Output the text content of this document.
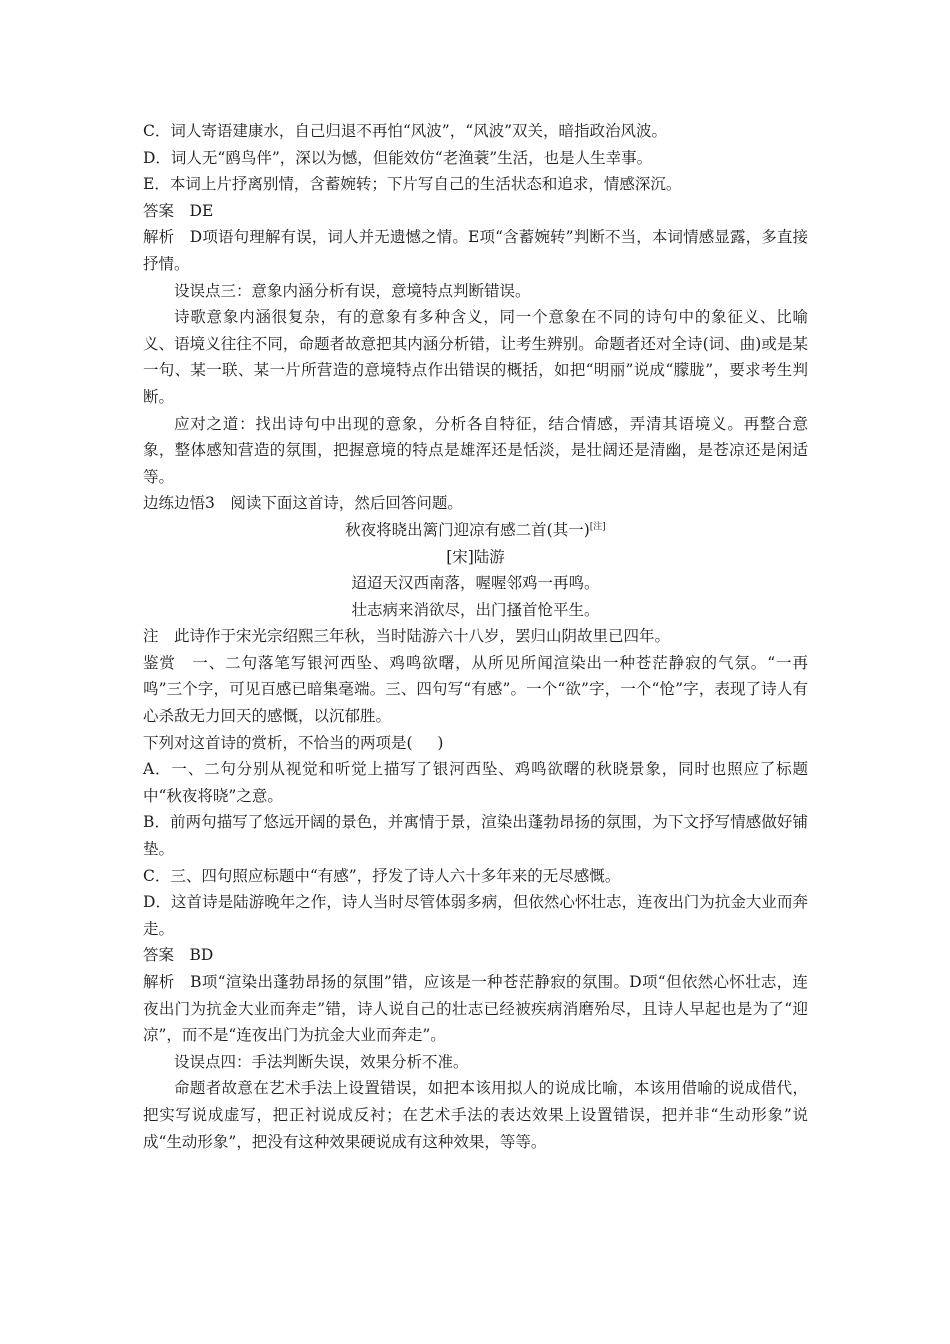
C．词人寄语建康水，自己归退不再怕“风波”，“风波”双关，暗指政治风波。

D．词人无“鸥鸟伴”，深以为憾，但能效仿“老渔蓑”生活，也是人生幸事。

E．本词上片抒离别情，含蓄婉转；下片写自己的生活状态和追求，情感深沉。

答案 DE

解析 D项语句理解有误，词人并无遗憾之情。E项“含蓄婉转”判断不当，本词情感显露，多直接抒情。

设误点三：意象内涵分析有误，意境特点判断错误。

诗歌意象内涵很复杂，有的意象有多种含义，同一个意象在不同的诗句中的象征义、比喻义、语境义往往不同，命题者故意把其内涵分析错，让考生辨别。命题者还对全诗(词、曲)或是某一句、某一联、某一片所营造的意境特点作出错误的概括，如把“明丽”说成“朦胧”，要求考生判断。

应对之道：找出诗句中出现的意象，分析各自特征，结合情感，弄清其语境义。再整合意象，整体感知营造的氛围，把握意境的特点是雄浑还是恬淡，是壮阔还是清幽，是苍凉还是闲适等。

边练边悟3 阅读下面这首诗，然后回答问题。

秋夜将晓出篱门迎凉有感二首(其一)[注]

[宋]陆游

迢迢天汉西南落，喔喔邻鸡一再鸣。

壮志病来消欲尽，出门搔首怆平生。

注 此诗作于宋光宗绍熙三年秋，当时陆游六十八岁，罢归山阴故里已四年。

鉴赏 一、二句落笔写银河西坠、鸡鸣欲曙，从所见所闻渲染出一种苍茫静寂的气氛。“一再鸣”三个字，可见百感已暗集毫端。三、四句写“有感”。一个“欲”字，一个“怆”字，表现了诗人有心杀敌无力回天的感慨，以沉郁胜。

下列对这首诗的赏析，不恰当的两项是( )

A．一、二句分别从视觉和听觉上描写了银河西坠、鸡鸣欲曙的秋晓景象，同时也照应了标题中“秋夜将晓”之意。

B．前两句描写了悠远开阔的景色，并寓情于景，渲染出蓬勃昂扬的氛围，为下文抒写情感做好铺垫。

C．三、四句照应标题中“有感”，抒发了诗人六十多年来的无尽感慨。

D．这首诗是陆游晚年之作，诗人当时尽管体弱多病，但依然心怀壮志，连夜出门为抗金大业而奔走。

答案 BD

解析 B项“渲染出蓬勃昂扬的氛围”错，应该是一种苍茫静寂的氛围。D项“但依然心怀壮志，连夜出门为抗金大业而奔走”错，诗人说自己的壮志已经被疾病消磨殆尽，且诗人早起也是为了“迎凉”，而不是“连夜出门为抗金大业而奔走”。

设误点四：手法判断失误，效果分析不准。

命题者故意在艺术手法上设置错误，如把本该用拟人的说成比喻，本该用借喻的说成借代，把实写说成虚写，把正衬说成反衬；在艺术手法的表达效果上设置错误，把并非“生动形象”说成“生动形象”，把没有这种效果硬说成有这种效果，等等。
